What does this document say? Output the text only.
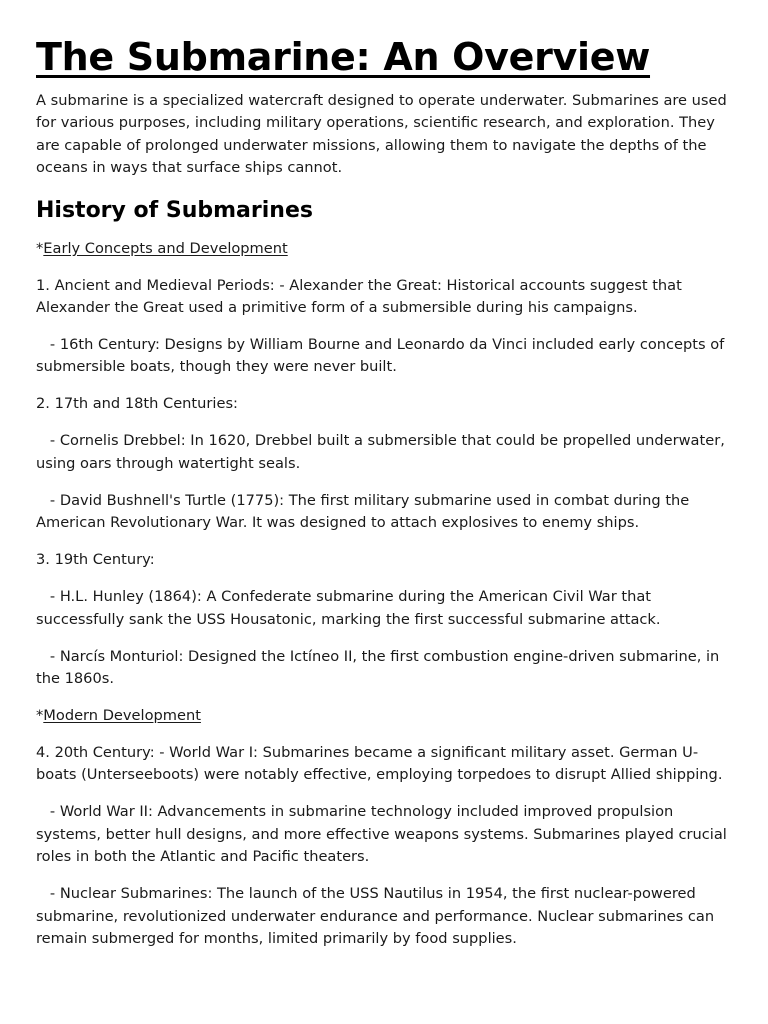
The Submarine: An Overview

A submarine is a specialized watercraft designed to operate underwater. Submarines are used for various purposes, including military operations, scientific research, and exploration. They are capable of prolonged underwater missions, allowing them to navigate the depths of the oceans in ways that surface ships cannot.

History of Submarines

*Early Concepts and Development

1. Ancient and Medieval Periods: - Alexander the Great: Historical accounts suggest that Alexander the Great used a primitive form of a submersible during his campaigns.

- 16th Century: Designs by William Bourne and Leonardo da Vinci included early concepts of submersible boats, though they were never built.

2. 17th and 18th Centuries:

- Cornelis Drebbel: In 1620, Drebbel built a submersible that could be propelled underwater, using oars through watertight seals.

- David Bushnell's Turtle (1775): The first military submarine used in combat during the American Revolutionary War. It was designed to attach explosives to enemy ships.

3. 19th Century:

- H.L. Hunley (1864): A Confederate submarine during the American Civil War that successfully sank the USS Housatonic, marking the first successful submarine attack.

- Narcís Monturiol: Designed the Ictíneo II, the first combustion engine-driven submarine, in the 1860s.

*Modern Development

4. 20th Century: - World War I: Submarines became a significant military asset. German U-boats (Unterseeboots) were notably effective, employing torpedoes to disrupt Allied shipping.

- World War II: Advancements in submarine technology included improved propulsion systems, better hull designs, and more effective weapons systems. Submarines played crucial roles in both the Atlantic and Pacific theaters.

- Nuclear Submarines: The launch of the USS Nautilus in 1954, the first nuclear-powered submarine, revolutionized underwater endurance and performance. Nuclear submarines can remain submerged for months, limited primarily by food supplies.
